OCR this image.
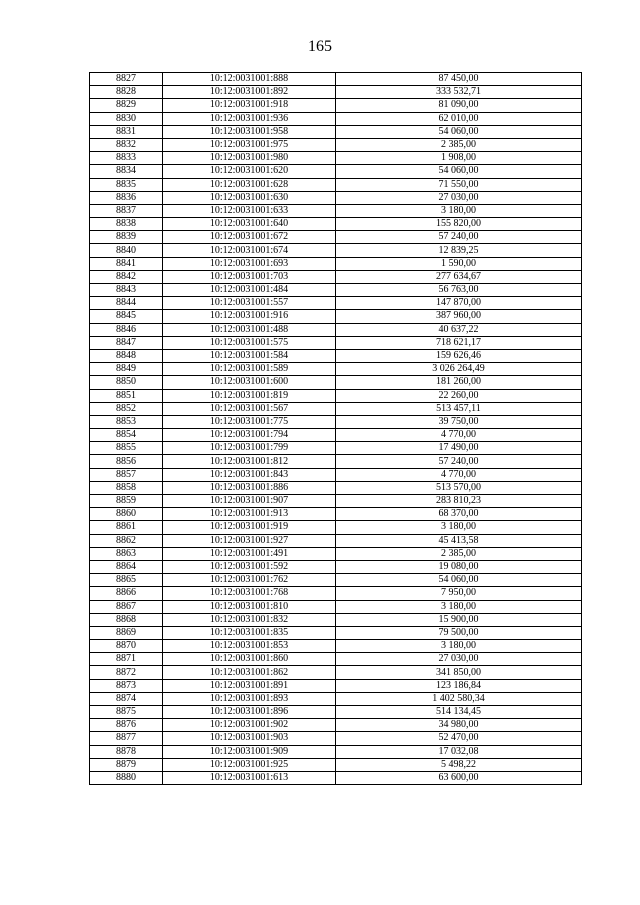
165
8827	10:12:0031001:888	87 450,00
8828	10:12:0031001:892	333 532,71
8829	10:12:0031001:918	81 090,00
8830	10:12:0031001:936	62 010,00
8831	10:12:0031001:958	54 060,00
8832	10:12:0031001:975	2 385,00
8833	10:12:0031001:980	1 908,00
8834	10:12:0031001:620	54 060,00
8835	10:12:0031001:628	71 550,00
8836	10:12:0031001:630	27 030,00
8837	10:12:0031001:633	3 180,00
8838	10:12:0031001:640	155 820,00
8839	10:12:0031001:672	57 240,00
8840	10:12:0031001:674	12 839,25
8841	10:12:0031001:693	1 590,00
8842	10:12:0031001:703	277 634,67
8843	10:12:0031001:484	56 763,00
8844	10:12:0031001:557	147 870,00
8845	10:12:0031001:916	387 960,00
8846	10:12:0031001:488	40 637,22
8847	10:12:0031001:575	718 621,17
8848	10:12:0031001:584	159 626,46
8849	10:12:0031001:589	3 026 264,49
8850	10:12:0031001:600	181 260,00
8851	10:12:0031001:819	22 260,00
8852	10:12:0031001:567	513 457,11
8853	10:12:0031001:775	39 750,00
8854	10:12:0031001:794	4 770,00
8855	10:12:0031001:799	17 490,00
8856	10:12:0031001:812	57 240,00
8857	10:12:0031001:843	4 770,00
8858	10:12:0031001:886	513 570,00
8859	10:12:0031001:907	283 810,23
8860	10:12:0031001:913	68 370,00
8861	10:12:0031001:919	3 180,00
8862	10:12:0031001:927	45 413,58
8863	10:12:0031001:491	2 385,00
8864	10:12:0031001:592	19 080,00
8865	10:12:0031001:762	54 060,00
8866	10:12:0031001:768	7 950,00
8867	10:12:0031001:810	3 180,00
8868	10:12:0031001:832	15 900,00
8869	10:12:0031001:835	79 500,00
8870	10:12:0031001:853	3 180,00
8871	10:12:0031001:860	27 030,00
8872	10:12:0031001:862	341 850,00
8873	10:12:0031001:891	123 186,84
8874	10:12:0031001:893	1 402 580,34
8875	10:12:0031001:896	514 134,45
8876	10:12:0031001:902	34 980,00
8877	10:12:0031001:903	52 470,00
8878	10:12:0031001:909	17 032,08
8879	10:12:0031001:925	5 498,22
8880	10:12:0031001:613	63 600,00
